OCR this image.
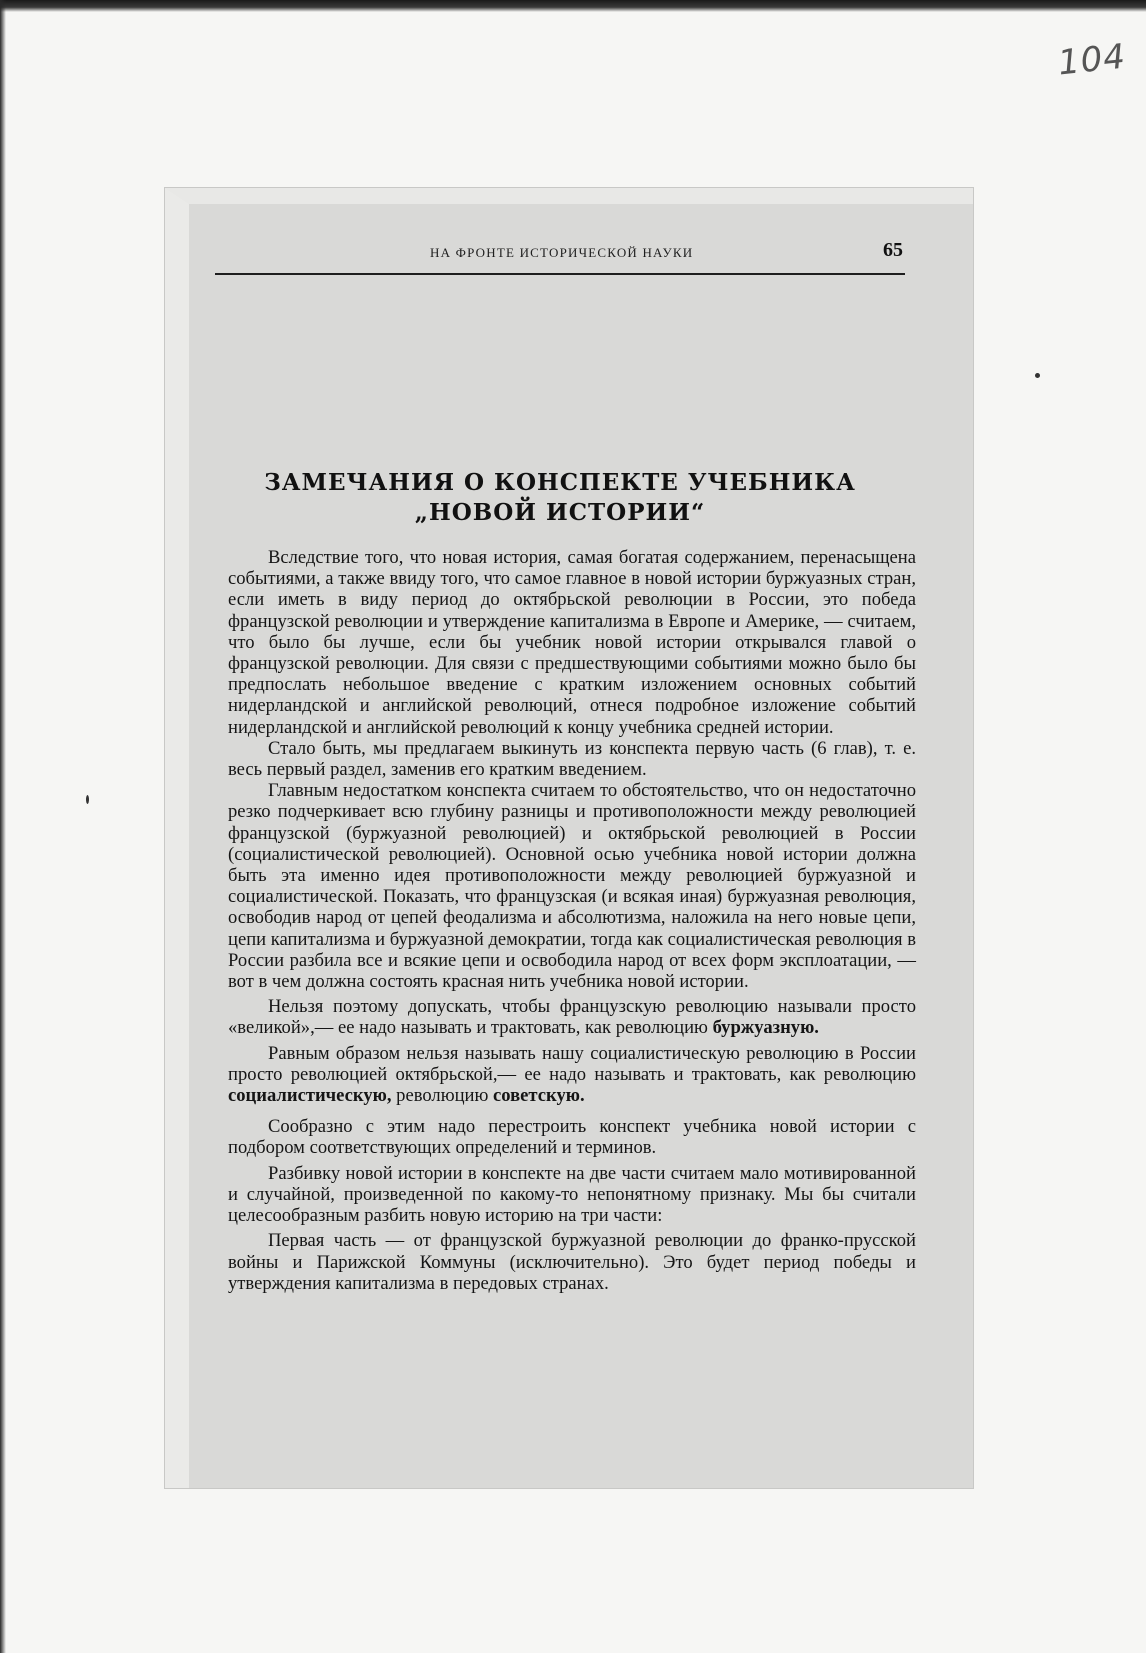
104
НА ФРОНТЕ ИСТОРИЧЕСКОЙ НАУКИ	65
ЗАМЕЧАНИЯ О КОНСПЕКТЕ УЧЕБНИКА
„НОВОЙ ИСТОРИИ“

Вследствие того, что новая история, самая богатая содержанием, перенасыщена событиями, а также ввиду того, что самое главное в новой истории буржуазных стран, если иметь в виду период до октябрьской революции в России, это победа французской революции и утверждение капитализма в Европе и Америке, — считаем, что было бы лучше, если бы учебник новой истории открывался главой о французской революции. Для связи с предшествующими событиями можно было бы предпослать небольшое введение с кратким изложением основных событий нидерландской и английской революций, отнеся подробное изложение событий нидерландской и английской революций к концу учебника средней истории.

Стало быть, мы предлагаем выкинуть из конспекта первую часть (6 глав), т. е. весь первый раздел, заменив его кратким введением.

Главным недостатком конспекта считаем то обстоятельство, что он недостаточно резко подчеркивает всю глубину разницы и противоположности между революцией французской (буржуазной революцией) и октябрьской революцией в России (социалистической революцией). Основной осью учебника новой истории должна быть эта именно идея противоположности между революцией буржуазной и социалистической. Показать, что французская (и всякая иная) буржуазная революция, освободив народ от цепей феодализма и абсолютизма, наложила на него новые цепи, цепи капитализма и буржуазной демократии, тогда как социалистическая революция в России разбила все и всякие цепи и освободила народ от всех форм эксплоатации, — вот в чем должна состоять красная нить учебника новой истории.

Нельзя поэтому допускать, чтобы французскую революцию называли просто «великой»,— ее надо называть и трактовать, как революцию буржуазную.

Равным образом нельзя называть нашу социалистическую революцию в России просто революцией октябрьской,— ее надо называть и трактовать, как революцию социалистическую, революцию советскую.

Сообразно с этим надо перестроить конспект учебника новой истории с подбором соответствующих определений и терминов.

Разбивку новой истории в конспекте на две части считаем мало мотивированной и случайной, произведенной по какому-то непонятному признаку. Мы бы считали целесообразным разбить новую историю на три части:

Первая часть — от французской буржуазной революции до франко-прусской войны и Парижской Коммуны (исключительно). Это будет период победы и утверждения капитализма в передовых странах.
